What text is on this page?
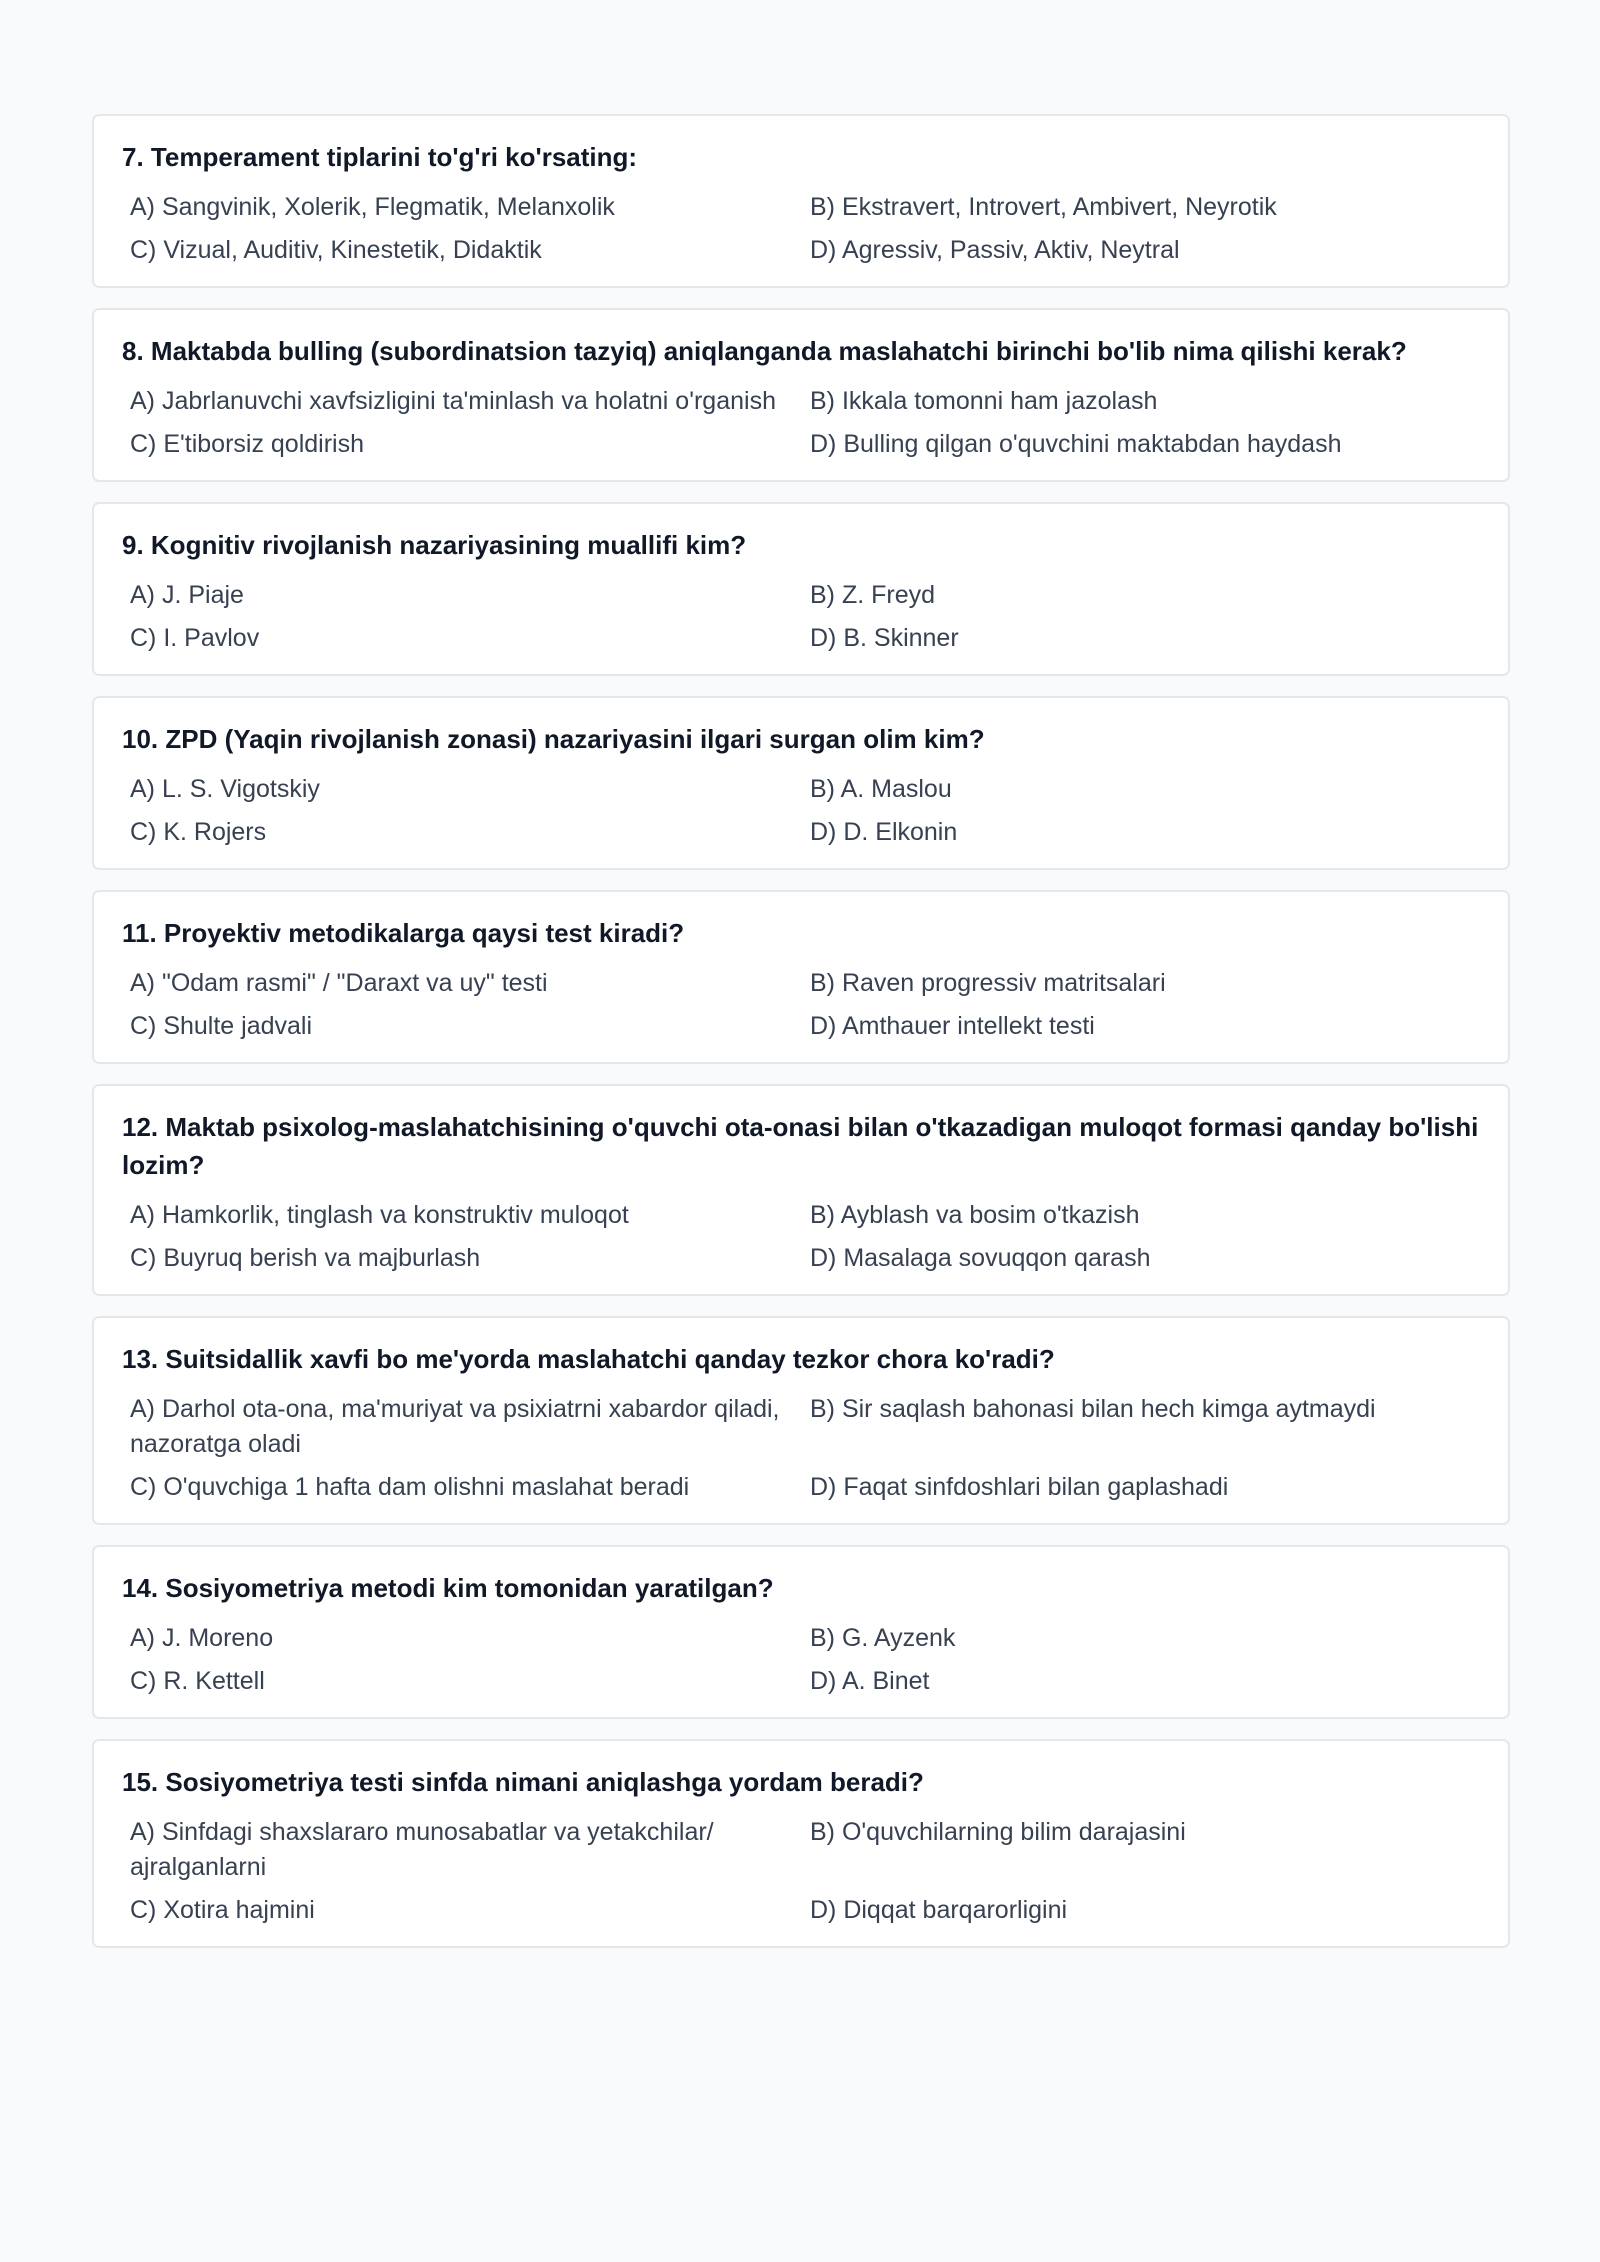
7. Temperament tiplarini to'g'ri ko'rsating:
A) Sangvinik, Xolerik, Flegmatik, Melanxolik	B) Ekstravert, Introvert, Ambivert, Neyrotik
C) Vizual, Auditiv, Kinestetik, Didaktik	D) Agressiv, Passiv, Aktiv, Neytral
8. Maktabda bulling (subordinatsion tazyiq) aniqlanganda maslahatchi birinchi bo'lib nima qilishi kerak?
A) Jabrlanuvchi xavfsizligini ta'minlash va holatni o'rganish	B) Ikkala tomonni ham jazolash
C) E'tiborsiz qoldirish	D) Bulling qilgan o'quvchini maktabdan haydash
9. Kognitiv rivojlanish nazariyasining muallifi kim?
A) J. Piaje	B) Z. Freyd
C) I. Pavlov	D) B. Skinner
10. ZPD (Yaqin rivojlanish zonasi) nazariyasini ilgari surgan olim kim?
A) L. S. Vigotskiy	B) A. Maslou
C) K. Rojers	D) D. Elkonin
11. Proyektiv metodikalarga qaysi test kiradi?
A) "Odam rasmi" / "Daraxt va uy" testi	B) Raven progressiv matritsalari
C) Shulte jadvali	D) Amthauer intellekt testi
12. Maktab psixolog-maslahatchisining o'quvchi ota-onasi bilan o'tkazadigan muloqot formasi qanday bo'lishi lozim?
A) Hamkorlik, tinglash va konstruktiv muloqot	B) Ayblash va bosim o'tkazish
C) Buyruq berish va majburlash	D) Masalaga sovuqqon qarash
13. Suitsidallik xavfi bo me'yorda maslahatchi qanday tezkor chora ko'radi?
A) Darhol ota-ona, ma'muriyat va psixiatrni xabardor qiladi, nazoratga oladi
B) Sir saqlash bahonasi bilan hech kimga aytmaydi
C) O'quvchiga 1 hafta dam olishni maslahat beradi	D) Faqat sinfdoshlari bilan gaplashadi
14. Sosiyometriya metodi kim tomonidan yaratilgan?
A) J. Moreno	B) G. Ayzenk
C) R. Kettell	D) A. Binet
15. Sosiyometriya testi sinfda nimani aniqlashga yordam beradi?
A) Sinfdagi shaxslararo munosabatlar va yetakchilar/ ajralganlarni
B) O'quvchilarning bilim darajasini
C) Xotira hajmini	D) Diqqat barqarorligini
